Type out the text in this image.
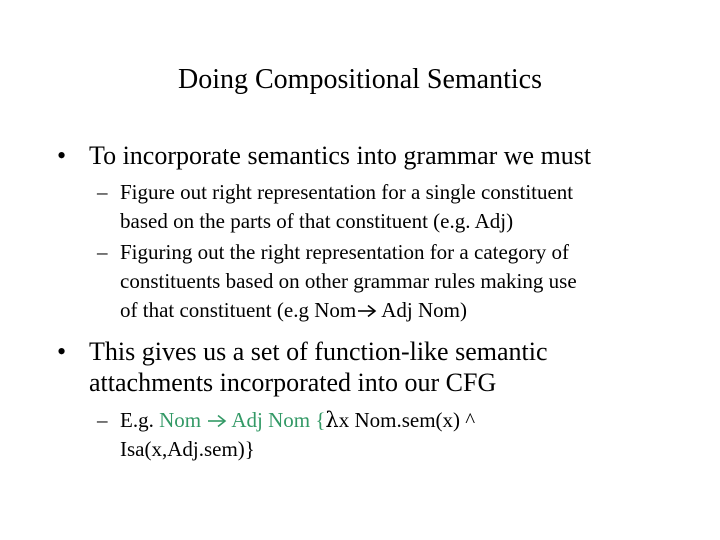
Doing Compositional Semantics
• To incorporate semantics into grammar we must
– Figure out right representation for a single constituent
based on the parts of that constituent (e.g. Adj)
– Figuring out the right representation for a category of
constituents based on other grammar rules making use
of that constituent (e.g Nom Adj Nom)
• This gives us a set of function-like semantic
attachments incorporated into our CFG
– E.g. Nom Adj Nom {λx Nom.sem(x) ^
Isa(x,Adj.sem)}
